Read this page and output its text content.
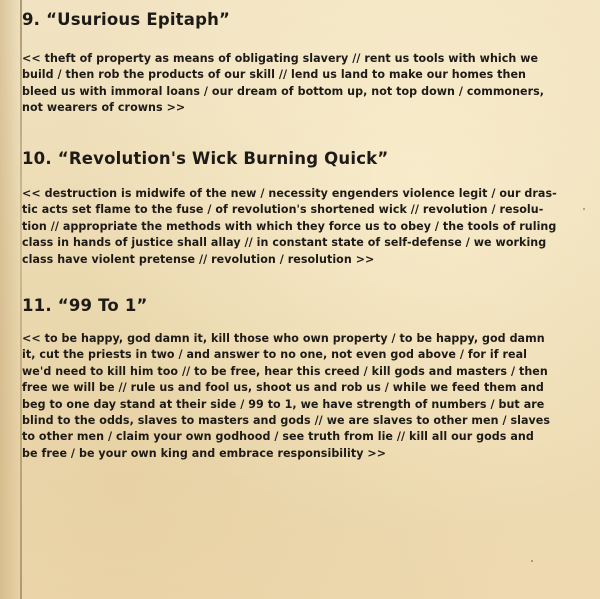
9. “Usurious Epitaph”

<< theft of property as means of obligating slavery // rent us tools with which we
build / then rob the products of our skill // lend us land to make our homes then
bleed us with immoral loans / our dream of bottom up, not top down / commoners,
not wearers of crowns >>

10. “Revolution's Wick Burning Quick”

<< destruction is midwife of the new / necessity engenders violence legit / our dras-
tic acts set flame to the fuse / of revolution's shortened wick // revolution / resolu-
tion // appropriate the methods with which they force us to obey / the tools of ruling
class in hands of justice shall allay // in constant state of self-defense / we working
class have violent pretense // revolution / resolution >>

11. “99 To 1”

<< to be happy, god damn it, kill those who own property / to be happy, god damn
it, cut the priests in two / and answer to no one, not even god above / for if real
we'd need to kill him too // to be free, hear this creed / kill gods and masters / then
free we will be // rule us and fool us, shoot us and rob us / while we feed them and
beg to one day stand at their side / 99 to 1, we have strength of numbers / but are
blind to the odds, slaves to masters and gods // we are slaves to other men / slaves
to other men / claim your own godhood / see truth from lie // kill all our gods and
be free / be your own king and embrace responsibility >>
